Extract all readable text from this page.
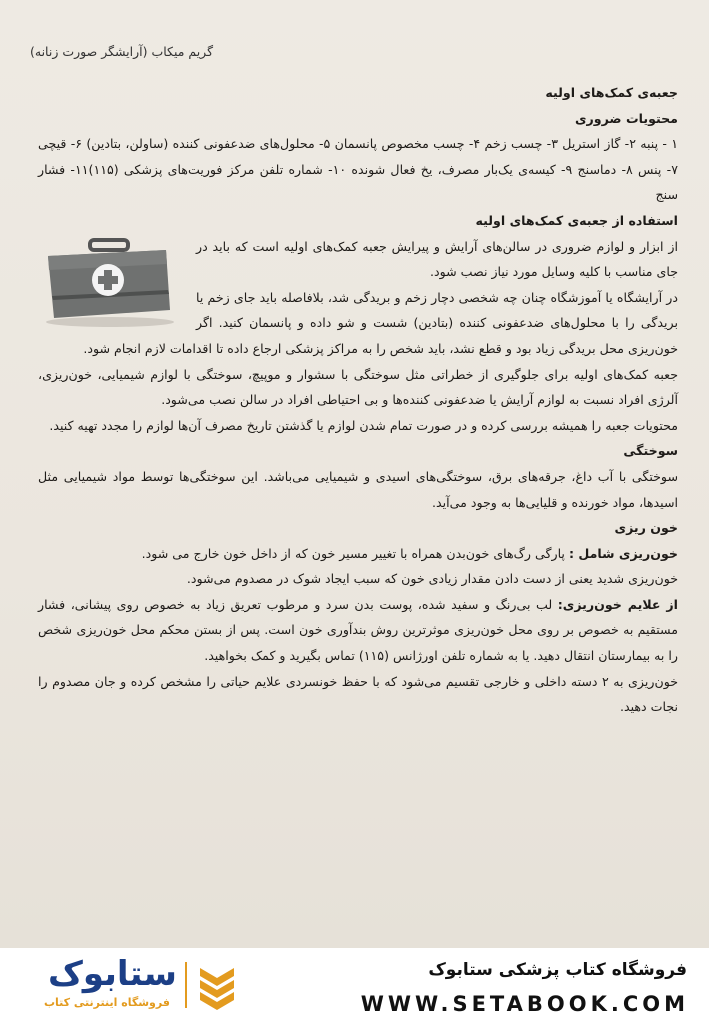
گریم میکاب (آرایشگر صورت زنانه)

جعبه‌ی کمک‌های اولیه

محتویات ضروری

۱ - پنبه ۲- گاز استریل ۳- چسب زخم ۴- چسب مخصوص پانسمان ۵- محلول‌های ضدعفونی کننده (ساولن، بتادین) ۶- قیچی ۷- پنس ۸- دماسنج ۹- کیسه‌ی یک‌بار مصرف، یخ فعال شونده ۱۰- شماره تلفن مرکز فوریت‌های پزشکی (۱۱۵)۱۱- فشار سنج

استفاده از جعبه‌ی کمک‌های اولیه

از ابزار و لوازم ضروری در سالن‌های آرایش و پیرایش جعبه کمک‌های اولیه است که باید در جای مناسب با کلیه وسایل مورد نیاز نصب شود.

در آرایشگاه یا آموزشگاه چنان چه شخصی دچار زخم و بریدگی شد، بلافاصله باید جای زخم یا بریدگی را با محلول‌های ضدعفونی کننده (بتادین) شست و شو داده و پانسمان کنید. اگر خون‌ریزی محل بریدگی زیاد بود و قطع نشد، باید شخص را به مراکز پزشکی ارجاع داده تا اقدامات لازم انجام شود.

جعبه کمک‌های اولیه برای جلوگیری از خطراتی مثل سوختگی با سشوار و موپیچ، سوختگی با لوازم شیمیایی، خون‌ریزی، آلرژی افراد نسبت به لوازم آرایش یا ضدعفونی کننده‌ها و بی احتیاطی افراد در سالن نصب می‌شود.

محتویات جعبه را همیشه بررسی کرده و در صورت تمام شدن لوازم یا گذشتن تاریخ مصرف آن‌ها لوازم را مجدد تهیه کنید.

سوختگی

سوختگی با آب داغ، جرقه‌های برق، سوختگی‌های اسیدی و شیمیایی می‌باشد. این سوختگی‌ها توسط مواد شیمیایی مثل اسیدها، مواد خورنده و قلیایی‌ها به وجود می‌آید.

خون ریزی

خون‌ریزی شامل : پارگی رگ‌های خون‌بدن همراه با تغییر مسیر خون که از داخل خون خارج می شود.

خون‌ریزی شدید یعنی از دست دادن مقدار زیادی خون که سبب ایجاد شوک در مصدوم می‌شود.

از علایم خون‌ریزی: لب بی‌رنگ و سفید شده، پوست بدن سرد و مرطوب تعریق زیاد به خصوص روی پیشانی، فشار مستقیم به خصوص بر روی محل خون‌ریزی موثرترین روش بندآوری خون است. پس از بستن محکم محل خون‌ریزی شخص را به بیمارستان انتقال دهید. یا به شماره تلفن اورژانس (۱۱۵) تماس بگیرید و کمک بخواهید.

خون‌ریزی به ۲ دسته داخلی و خارجی تقسیم می‌شود که با حفظ خونسردی علایم حیاتی را مشخص کرده و جان مصدوم را نجات دهید.

فروشگاه کتاب پزشکی ستابوک
WWW.SETABOOK.COM
ستابوک
فروشگاه اینترنتی کتاب
